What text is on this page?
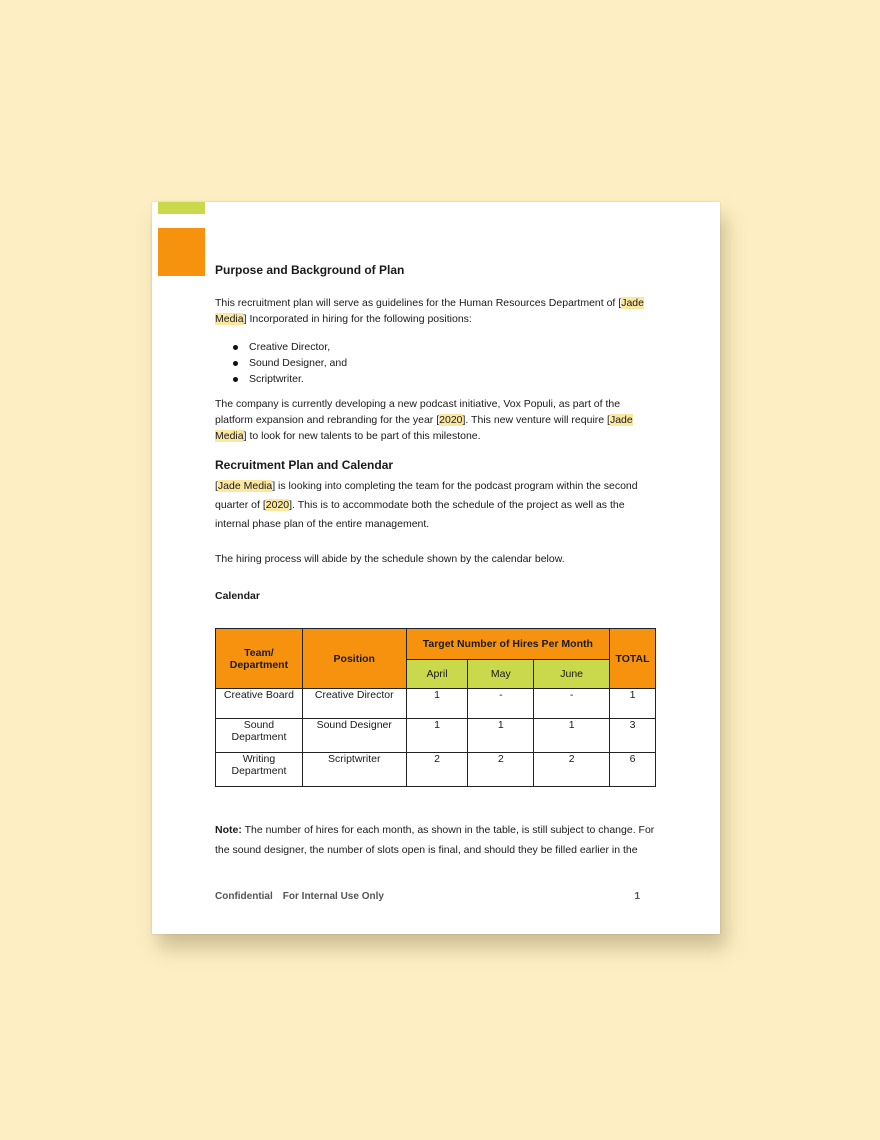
Purpose and Background of Plan
This recruitment plan will serve as guidelines for the Human Resources Department of [Jade Media] Incorporated in hiring for the following positions:
Creative Director,
Sound Designer, and
Scriptwriter.
The company is currently developing a new podcast initiative, Vox Populi, as part of the platform expansion and rebranding for the year [2020]. This new venture will require [Jade Media] to look for new talents to be part of this milestone.
Recruitment Plan and Calendar
[Jade Media] is looking into completing the team for the podcast program within the second quarter of [2020]. This is to accommodate both the schedule of the project as well as the internal phase plan of the entire management.
The hiring process will abide by the schedule shown by the calendar below.
Calendar
Team/ Department	Position	Target Number of Hires Per Month			TOTAL
		April	May	June	
Creative Board	Creative Director	1	-	-	1
Sound Department	Sound Designer	1	1	1	3
Writing Department	Scriptwriter	2	2	2	6
Note: The number of hires for each month, as shown in the table, is still subject to change. For the sound designer, the number of slots open is final, and should they be filled earlier in the
Confidential For Internal Use Only	1
